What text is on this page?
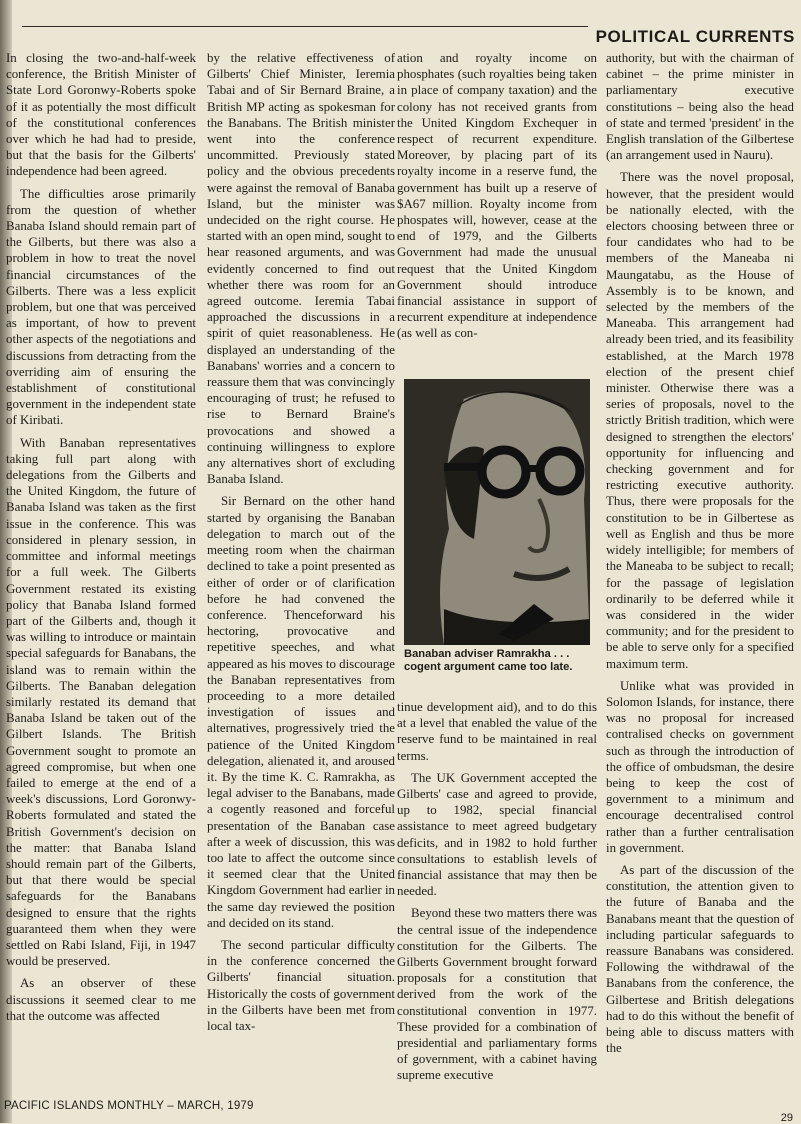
POLITICAL CURRENTS

In closing the two-and-half-week conference, the British Minister of State Lord Goronwy-Roberts spoke of it as potentially the most difficult of the constitutional conferences over which he had had to preside, but that the basis for the Gilberts' independence had been agreed.

The difficulties arose primarily from the question of whether Banaba Island should remain part of the Gilberts, but there was also a problem in how to treat the novel financial circumstances of the Gilberts. There was a less explicit problem, but one that was perceived as important, of how to prevent other aspects of the negotiations and discussions from detracting from the overriding aim of ensuring the establishment of constitutional government in the independent state of Kiribati.

With Banaban representatives taking full part along with delegations from the Gilberts and the United Kingdom, the future of Banaba Island was taken as the first issue in the conference. This was considered in plenary session, in committee and informal meetings for a full week. The Gilberts Government restated its existing policy that Banaba Island formed part of the Gilberts and, though it was willing to introduce or maintain special safeguards for Banabans, the island was to remain within the Gilberts. The Banaban delegation similarly restated its demand that Banaba Island be taken out of the Gilbert Islands. The British Government sought to promote an agreed compromise, but when one failed to emerge at the end of a week's discussions, Lord Goronwy-Roberts formulated and stated the British Government's decision on the matter: that Banaba Island should remain part of the Gilberts, but that there would be special safeguards for the Banabans designed to ensure that the rights guaranteed them when they were settled on Rabi Island, Fiji, in 1947 would be preserved.

As an observer of these discussions it seemed clear to me that the outcome was affected

by the relative effectiveness of Gilberts' Chief Minister, Ieremia Tabai and of Sir Bernard Braine, a British MP acting as spokesman for the Banabans. The British minister went into the conference uncommitted. Previously stated policy and the obvious precedents were against the removal of Banaba Island, but the minister was undecided on the right course. He started with an open mind, sought to hear reasoned arguments, and was evidently concerned to find out whether there was room for an agreed outcome. Ieremia Tabai approached the discussions in a spirit of quiet reasonableness. He displayed an understanding of the Banabans' worries and a concern to reassure them that was convincingly encouraging of trust; he refused to rise to Bernard Braine's provocations and showed a continuing willingness to explore any alternatives short of excluding Banaba Island.

Sir Bernard on the other hand started by organising the Banaban delegation to march out of the meeting room when the chairman declined to take a point presented as either of order or of clarification before he had convened the conference. Thenceforward his hectoring, provocative and repetitive speeches, and what appeared as his moves to discourage the Banaban representatives from proceeding to a more detailed investigation of issues and alternatives, progressively tried the patience of the United Kingdom delegation, alienated it, and aroused it. By the time K. C. Ramrakha, as legal adviser to the Banabans, made a cogently reasoned and forceful presentation of the Banaban case after a week of discussion, this was too late to affect the outcome since it seemed clear that the United Kingdom Government had earlier in the same day reviewed the position and decided on its stand.

The second particular difficulty in the conference concerned the Gilberts' financial situation. Historically the costs of government in the Gilberts have been met from local tax-

ation and royalty income on phosphates (such royalties being taken in place of company taxation) and the colony has not received grants from the United Kingdom Exchequer in respect of recurrent expenditure. Moreover, by placing part of its royalty income in a reserve fund, the government has built up a reserve of $A67 million. Royalty income from phospates will, however, cease at the end of 1979, and the Gilberts Government had made the unusual request that the United Kingdom Government should introduce financial assistance in support of recurrent expenditure at independence (as well as con-

Banaban adviser Ramrakha . . . cogent argument came too late.

tinue development aid), and to do this at a level that enabled the value of the reserve fund to be maintained in real terms.

The UK Government accepted the Gilberts' case and agreed to provide, up to 1982, special financial assistance to meet agreed budgetary deficits, and in 1982 to hold further consultations to establish levels of financial assistance that may then be needed.

Beyond these two matters there was the central issue of the independence constitution for the Gilberts. The Gilberts Government brought forward proposals for a constitution that derived from the work of the constitutional convention in 1977. These provided for a combination of presidential and parliamentary forms of government, with a cabinet having supreme executive

authority, but with the chairman of cabinet – the prime minister in parliamentary executive constitutions – being also the head of state and termed 'president' in the English translation of the Gilbertese (an arrangement used in Nauru).

There was the novel proposal, however, that the president would be nationally elected, with the electors choosing between three or four candidates who had to be members of the Maneaba ni Maungatabu, as the House of Assembly is to be known, and selected by the members of the Maneaba. This arrangement had already been tried, and its feasibility established, at the March 1978 election of the present chief minister. Otherwise there was a series of proposals, novel to the strictly British tradition, which were designed to strengthen the electors' opportunity for influencing and checking government and for restricting executive authority. Thus, there were proposals for the constitution to be in Gilbertese as well as English and thus be more widely intelligible; for members of the Maneaba to be subject to recall; for the passage of legislation ordinarily to be deferred while it was considered in the wider community; and for the president to be able to serve only for a specified maximum term.

Unlike what was provided in Solomon Islands, for instance, there was no proposal for increased contralised checks on government such as through the introduction of the office of ombudsman, the desire being to keep the cost of government to a minimum and encourage decentralised control rather than a further centralisation in government.

As part of the discussion of the constitution, the attention given to the future of Banaba and the Banabans meant that the question of including particular safeguards to reassure Banabans was considered. Following the withdrawal of the Banabans from the conference, the Gilbertese and British delegations had to do this without the benefit of being able to discuss matters with the

PACIFIC ISLANDS MONTHLY – MARCH, 1979
29
